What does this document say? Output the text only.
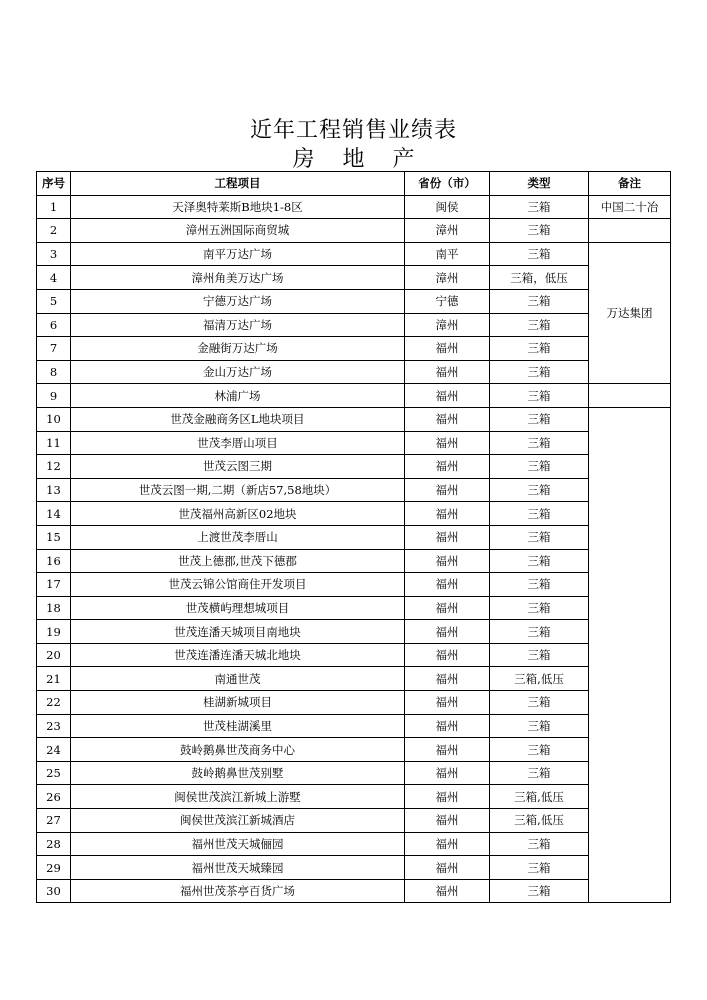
近年工程销售业绩表
房地产
序号	工程项目	省份（市）	类型	备注
1	天泽奥特莱斯B地块1-8区	闽侯	三箱	中国二十冶
2	漳州五洲国际商贸城	漳州	三箱	
3	南平万达广场	南平	三箱	万达集团
4	漳州角美万达广场	漳州	三箱，低压	
5	宁德万达广场	宁德	三箱	
6	福清万达广场	漳州	三箱	
7	金融街万达广场	福州	三箱	
8	金山万达广场	福州	三箱	
9	林浦广场	福州	三箱	
10	世茂金融商务区L地块项目	福州	三箱	
11	世茂李厝山项目	福州	三箱	
12	世茂云图三期	福州	三箱	
13	世茂云图一期,二期（新店57,58地块）	福州	三箱	
14	世茂福州高新区02地块	福州	三箱	
15	上渡世茂李厝山	福州	三箱	
16	世茂上德郡,世茂下德郡	福州	三箱	
17	世茂云锦公馆商住开发项目	福州	三箱	
18	世茂横屿理想城项目	福州	三箱	
19	世茂连潘天城项目南地块	福州	三箱	
20	世茂连潘连潘天城北地块	福州	三箱	
21	南通世茂	福州	三箱,低压	
22	桂湖新城项目	福州	三箱	
23	世茂桂湖溪里	福州	三箱	
24	鼓岭鹅鼻世茂商务中心	福州	三箱	
25	鼓岭鹅鼻世茂别墅	福州	三箱	
26	闽侯世茂滨江新城上游墅	福州	三箱,低压	
27	闽侯世茂滨江新城酒店	福州	三箱,低压	
28	福州世茂天城俪园	福州	三箱	
29	福州世茂天城臻园	福州	三箱	
30	福州世茂茶亭百货广场	福州	三箱	
